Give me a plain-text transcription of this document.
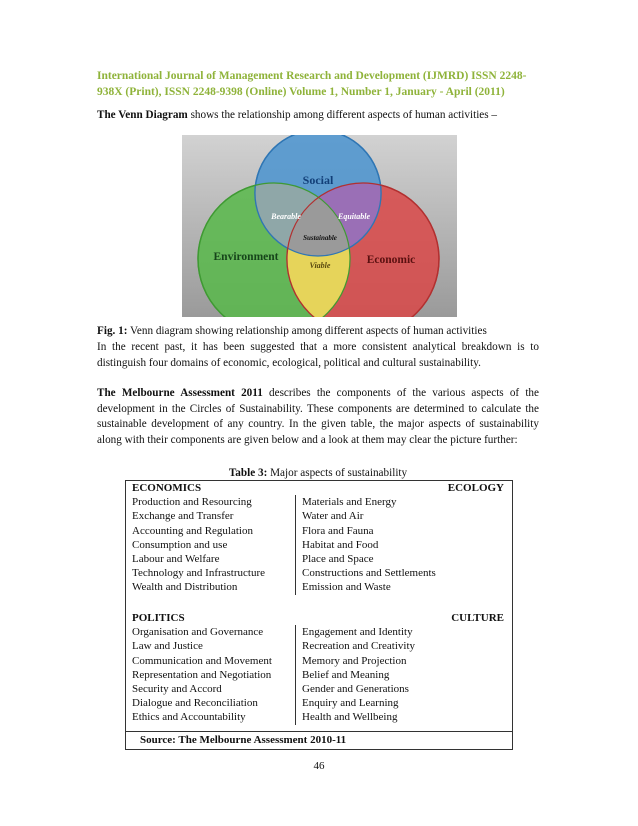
International Journal of Management Research and Development (IJMRD) ISSN 2248-
938X (Print), ISSN 2248-9398 (Online) Volume 1, Number 1, January - April (2011)
The Venn Diagram shows the relationship among different aspects of human activities –
Social
Environment	Economic
Bearable	Equitable
Viable
Sustainable
Fig. 1: Venn diagram showing relationship among different aspects of human activities
In the recent past, it has been suggested that a more consistent analytical breakdown is to distinguish four domains of economic, ecological, political and cultural sustainability.
The Melbourne Assessment 2011 describes the components of the various aspects of the development in the Circles of Sustainability. These components are determined to calculate the sustainable development of any country. In the given table, the major aspects of sustainability along with their components are given below and a look at them may clear the picture further:
Table 3: Major aspects of sustainability
ECONOMICS	ECOLOGY
Production and Resourcing	Materials and Energy
Exchange and Transfer	Water and Air
Accounting and Regulation	Flora and Fauna
Consumption and use	Habitat and Food
Labour and Welfare	Place and Space
Technology and Infrastructure	Constructions and Settlements
Wealth and Distribution	Emission and Waste
POLITICS	CULTURE
Organisation and Governance	Engagement and Identity
Law and Justice	Recreation and Creativity
Communication and Movement	Memory and Projection
Representation and Negotiation	Belief and Meaning
Security and Accord	Gender and Generations
Dialogue and Reconciliation	Enquiry and Learning
Ethics and Accountability	Health and Wellbeing
Source: The Melbourne Assessment 2010-11
46
